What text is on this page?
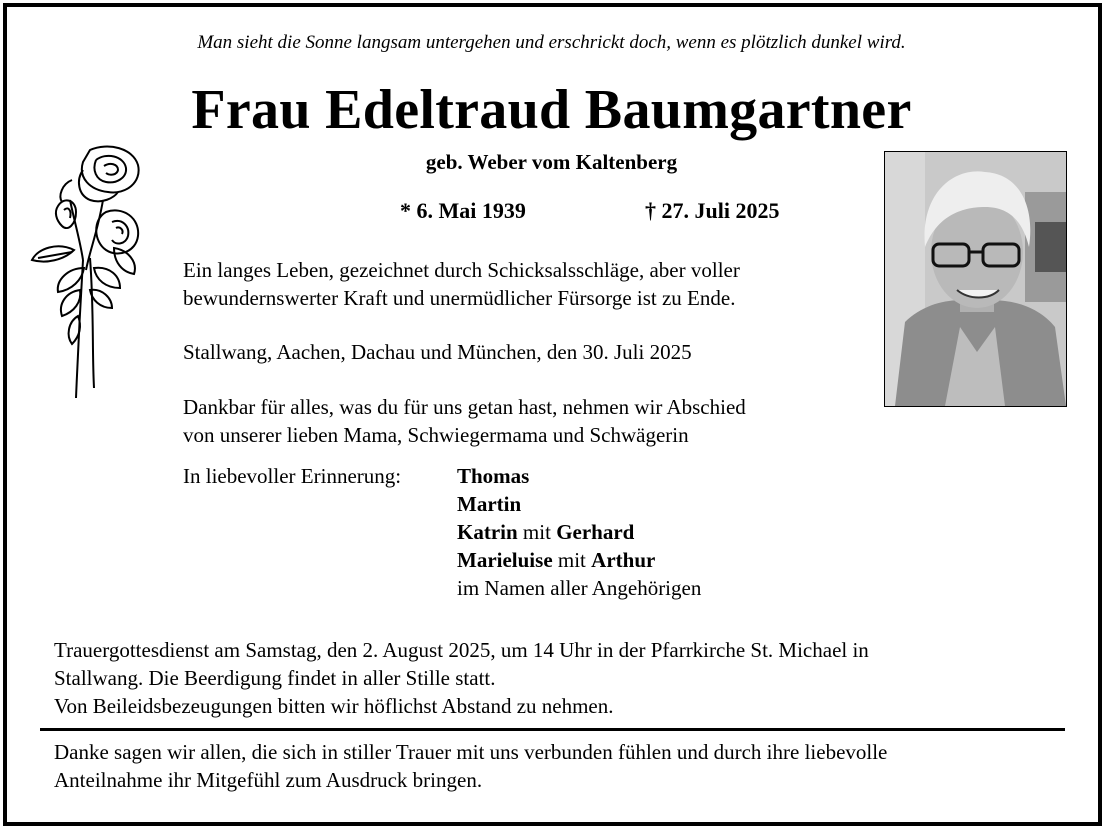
Man sieht die Sonne langsam untergehen und erschrickt doch, wenn es plötzlich dunkel wird.
Frau Edeltraud Baumgartner
geb. Weber vom Kaltenberg
* 6. Mai 1939	† 27. Juli 2025
Ein langes Leben, gezeichnet durch Schicksalsschläge, aber voller
bewundernswerter Kraft und unermüdlicher Fürsorge ist zu Ende.
Stallwang, Aachen, Dachau und München, den 30. Juli 2025
Dankbar für alles, was du für uns getan hast, nehmen wir Abschied
von unserer lieben Mama, Schwiegermama und Schwägerin
In liebevoller Erinnerung:	Thomas
Martin
Katrin mit Gerhard
Marieluise mit Arthur
im Namen aller Angehörigen
Trauergottesdienst am Samstag, den 2. August 2025, um 14 Uhr in der Pfarrkirche St. Michael in
Stallwang. Die Beerdigung findet in aller Stille statt.
Von Beileidsbezeugungen bitten wir höflichst Abstand zu nehmen.
Danke sagen wir allen, die sich in stiller Trauer mit uns verbunden fühlen und durch ihre liebevolle
Anteilnahme ihr Mitgefühl zum Ausdruck bringen.
